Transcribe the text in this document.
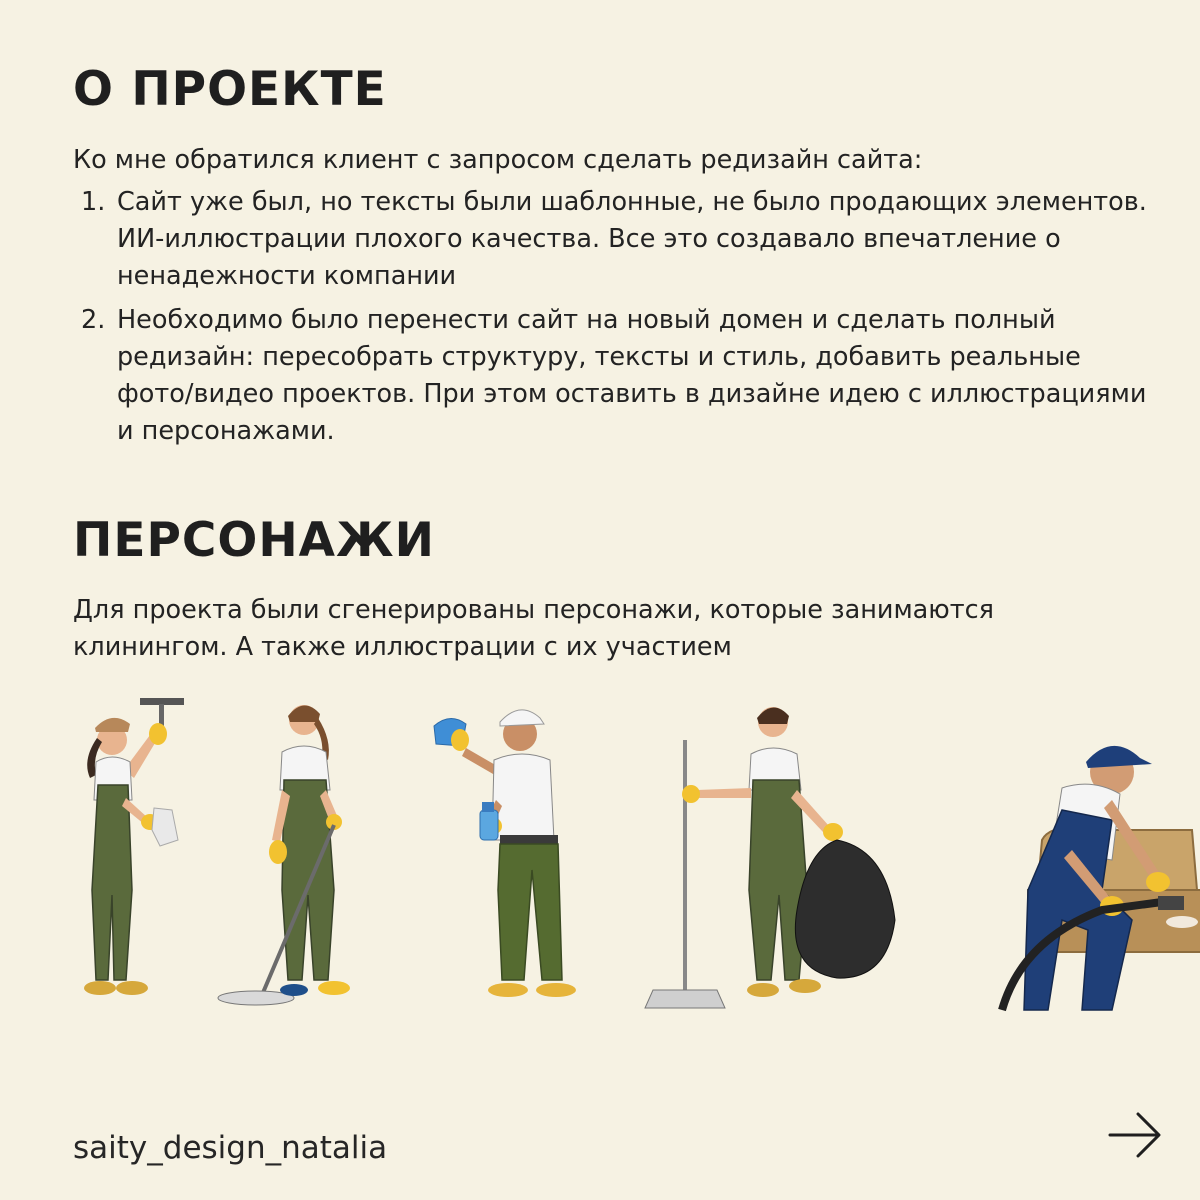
О ПРОЕКТЕ

Ко мне обратился клиент с запросом сделать редизайн сайта:

1. Сайт уже был, но тексты были шаблонные, не было продающих элементов. ИИ-иллюстрации плохого качества. Все это создавало впечатление о ненадежности компании
2. Необходимо было перенести сайт на новый домен и сделать полный редизайн: пересобрать структуру, тексты и стиль, добавить реальные фото/видео проектов. При этом оставить в дизайне идею с иллюстрациями и персонажами.
ПЕРСОНАЖИ

Для проекта были сгенерированы персонажи, которые занимаются клинингом. А также иллюстрации с их участием

saity_design_natalia
